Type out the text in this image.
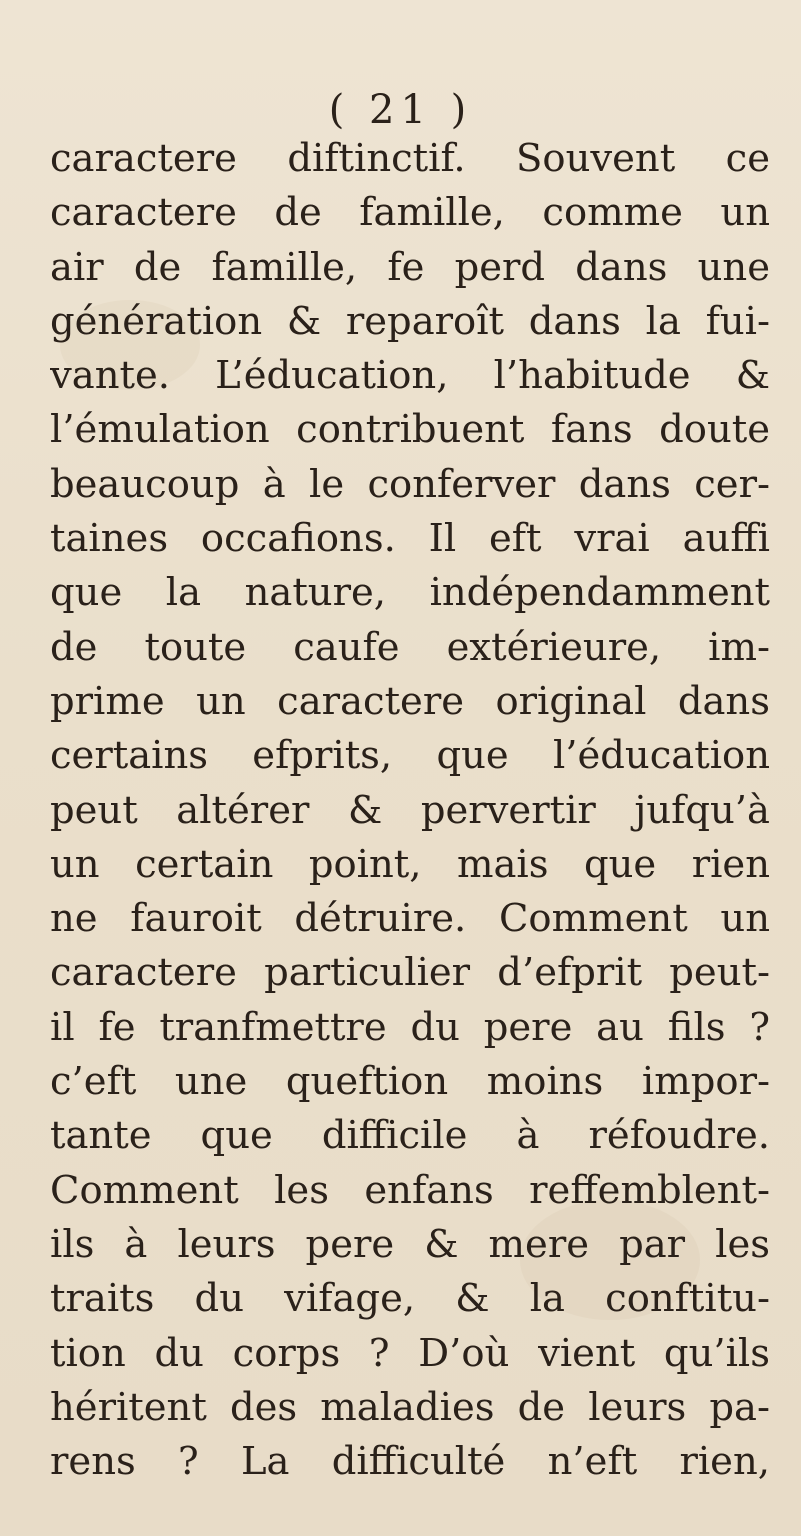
( 21 )
caractere diftinctif. Souvent ce
caractere de famille, comme un
air de famille, fe perd dans une
génération & reparoît dans la fui-
vante. L’éducation, l’habitude &
l’émulation contribuent fans doute
beaucoup à le conferver dans cer-
taines occafions. Il eft vrai auffi
que la nature, indépendamment
de toute caufe extérieure, im-
prime un caractere original dans
certains efprits, que l’éducation
peut altérer & pervertir jufqu’à
un certain point, mais que rien
ne fauroit détruire. Comment un
caractere particulier d’efprit peut-
il fe tranfmettre du pere au fils ?
c’eft une queftion moins impor-
tante que difficile à réfoudre.
Comment les enfans reffemblent-
ils à leurs pere & mere par les
traits du vifage, & la conftitu-
tion du corps ? D’où vient qu’ils
héritent des maladies de leurs pa-
rens ? La difficulté n’eft rien,
